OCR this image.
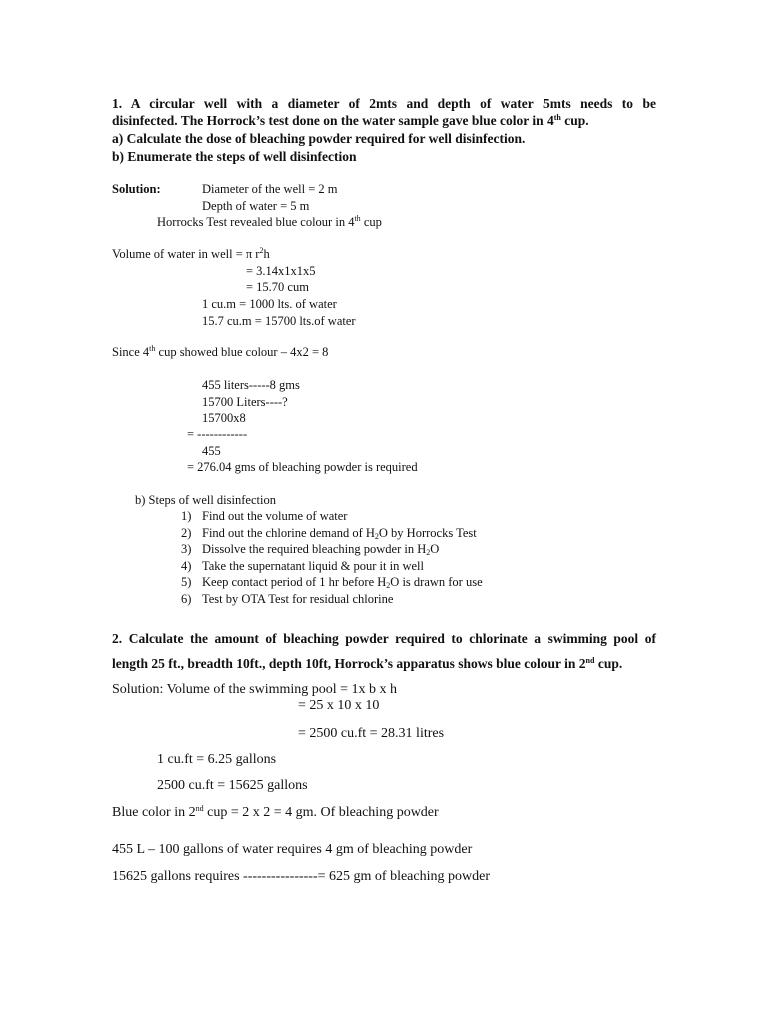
1. A circular well with a diameter of 2mts and depth of water 5mts needs to be
disinfected. The Horrock’s test done on the water sample gave blue color in 4th cup.
a) Calculate the dose of bleaching powder required for well disinfection.
b) Enumerate the steps of well disinfection
Solution:	Diameter of the well = 2 m
Depth of water = 5 m
Horrocks Test revealed blue colour in 4th cup
Volume of water in well = π $r^2h$
= 3.14x1x1x5
= 15.70 cum
1 cu.m = 1000 lts. of water
15.7 cu.m = 15700 lts.of water
Since 4th cup showed blue colour – 4x2 = 8
455 liters-----8 gms
15700 Liters----?
15700x8
= ------------
455
= 276.04 gms of bleaching powder is required
b) Steps of well disinfection
1) Find out the volume of water
2) Find out the chlorine demand of $H_2O$ by Horrocks Test
3) Dissolve the required bleaching powder in $H_2O$
4) Take the supernatant liquid & pour it in well
5) Keep contact period of 1 hr before $H_2O$ is drawn for use
6) Test by OTA Test for residual chlorine
2. Calculate the amount of bleaching powder required to chlorinate a swimming pool of
length 25 ft., breadth 10ft., depth 10ft, Horrock’s apparatus shows blue colour in 2nd cup.
Solution: Volume of the swimming pool = 1x b x h
= 25 x 10 x 10
= 2500 cu.ft = 28.31 litres
1 cu.ft = 6.25 gallons
2500 cu.ft = 15625 gallons
Blue color in 2nd cup = 2 x 2 = 4 gm. Of bleaching powder
455 L – 100 gallons of water requires 4 gm of bleaching powder
15625 gallons requires ----------------= 625 gm of bleaching powder
